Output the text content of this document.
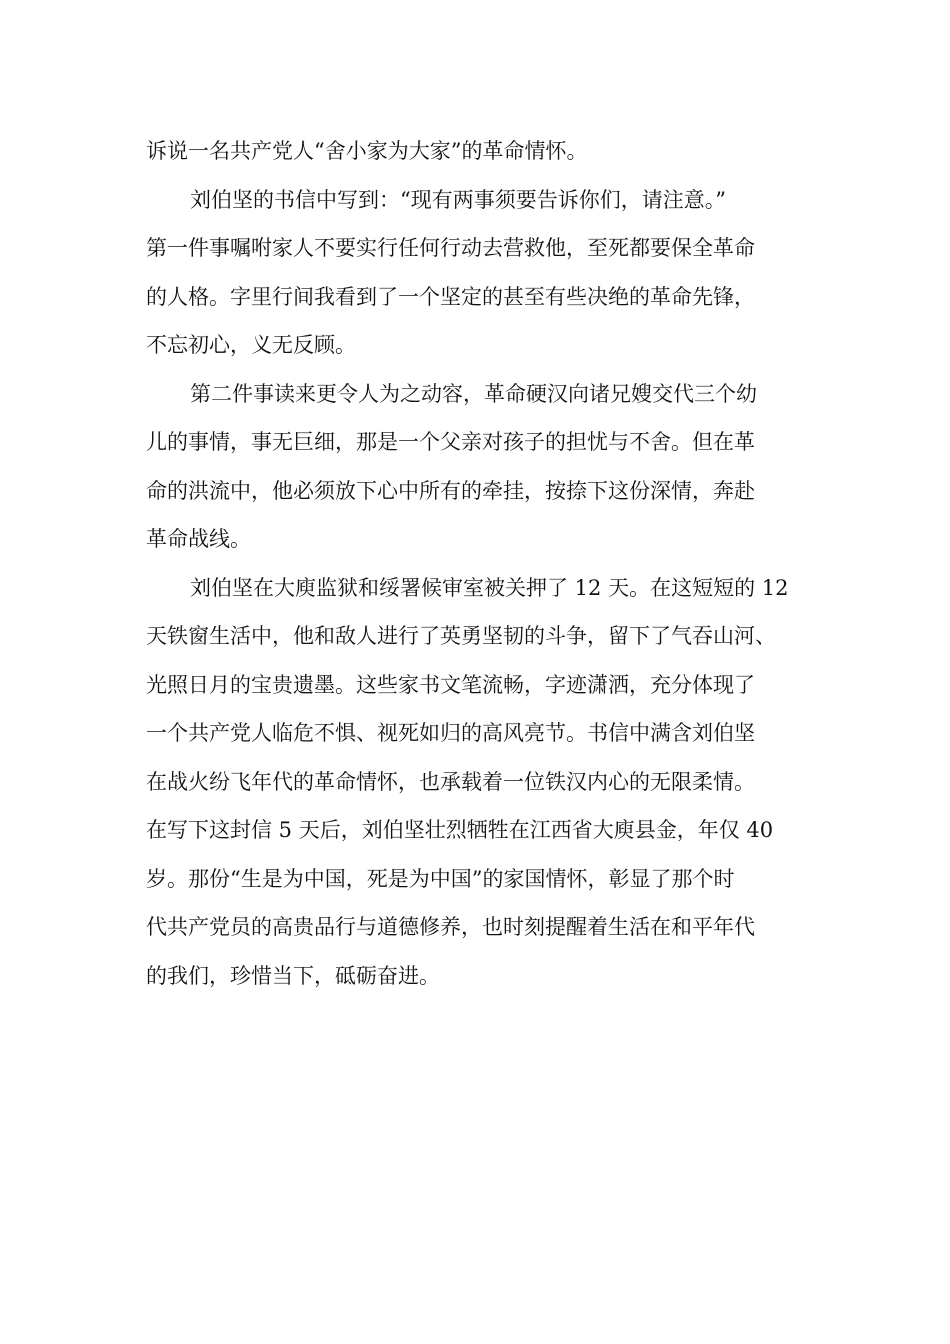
诉说一名共产党人“舍小家为大家”的革命情怀。
刘伯坚的书信中写到：“现有两事须要告诉你们，请注意。”
第一件事嘱咐家人不要实行任何行动去营救他，至死都要保全革命
的人格。字里行间我看到了一个坚定的甚至有些决绝的革命先锋，
不忘初心，义无反顾。
第二件事读来更令人为之动容，革命硬汉向诸兄嫂交代三个幼
儿的事情，事无巨细，那是一个父亲对孩子的担忧与不舍。但在革
命的洪流中，他必须放下心中所有的牵挂，按捺下这份深情，奔赴
革命战线。
刘伯坚在大庾监狱和绥署候审室被关押了 12 天。在这短短的 12
天铁窗生活中，他和敌人进行了英勇坚韧的斗争，留下了气吞山河、
光照日月的宝贵遗墨。这些家书文笔流畅，字迹潇洒，充分体现了
一个共产党人临危不惧、视死如归的高风亮节。书信中满含刘伯坚
在战火纷飞年代的革命情怀，也承载着一位铁汉内心的无限柔情。
在写下这封信 5 天后，刘伯坚壮烈牺牲在江西省大庾县金，年仅 40
岁。那份“生是为中国，死是为中国”的家国情怀，彰显了那个时
代共产党员的高贵品行与道德修养，也时刻提醒着生活在和平年代
的我们，珍惜当下，砥砺奋进。
